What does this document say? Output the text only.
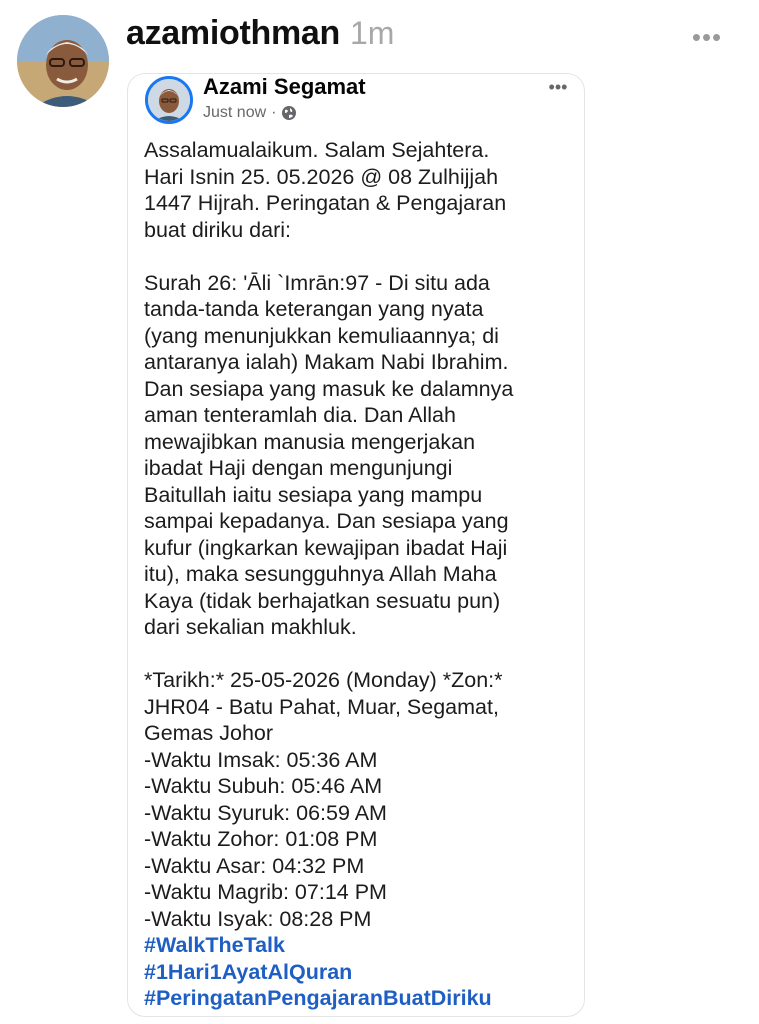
azamiothman 1m	•••
Azami Segamat
Just now ·
•••
Assalamualaikum. Salam Sejahtera.
Hari Isnin 25. 05.2026 @ 08 Zulhijjah
1447 Hijrah. Peringatan & Pengajaran
buat diriku dari:
Surah 26: 'Āli `Imrān:97 - Di situ ada
tanda-tanda keterangan yang nyata
(yang menunjukkan kemuliaannya; di
antaranya ialah) Makam Nabi Ibrahim.
Dan sesiapa yang masuk ke dalamnya
aman tenteramlah dia. Dan Allah
mewajibkan manusia mengerjakan
ibadat Haji dengan mengunjungi
Baitullah iaitu sesiapa yang mampu
sampai kepadanya. Dan sesiapa yang
kufur (ingkarkan kewajipan ibadat Haji
itu), maka sesungguhnya Allah Maha
Kaya (tidak berhajatkan sesuatu pun)
dari sekalian makhluk.
*Tarikh:* 25-05-2026 (Monday) *Zon:*
JHR04 - Batu Pahat, Muar, Segamat,
Gemas Johor
-Waktu Imsak: 05:36 AM
-Waktu Subuh: 05:46 AM
-Waktu Syuruk: 06:59 AM
-Waktu Zohor: 01:08 PM
-Waktu Asar: 04:32 PM
-Waktu Magrib: 07:14 PM
-Waktu Isyak: 08:28 PM
#WalkTheTalk
#1Hari1AyatAlQuran
#PeringatanPengajaranBuatDiriku
